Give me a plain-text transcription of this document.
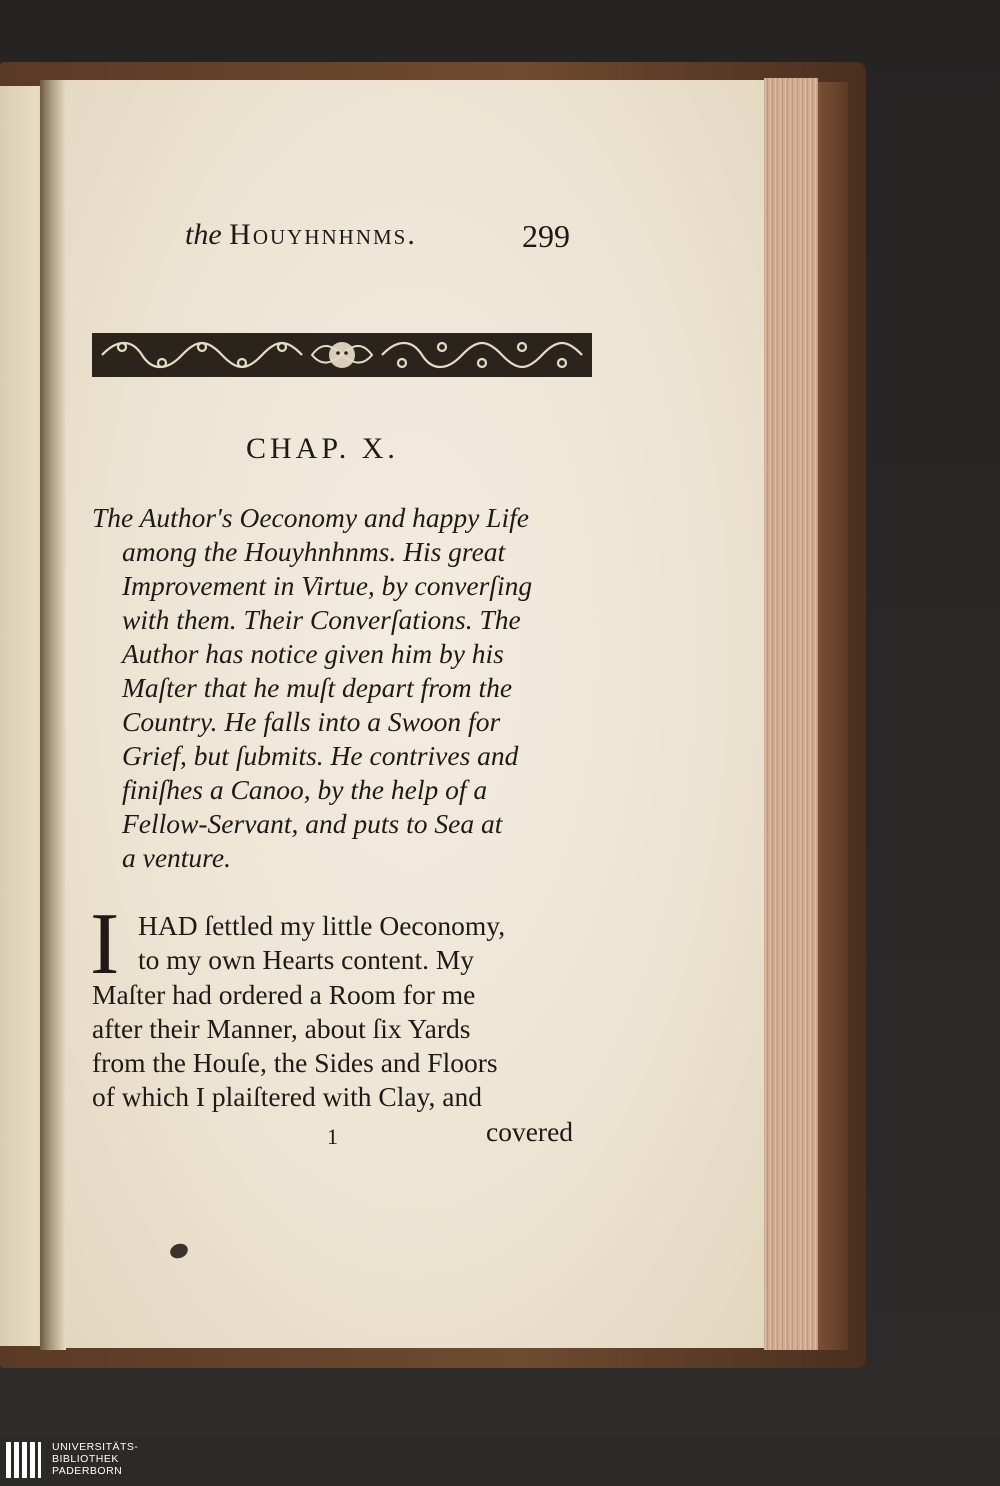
the Houyhnhnms.	299
CHAP. X.
The Author's Oeconomy and happy Life
among the Houyhnhnms. His great
Improvement in Virtue, by converſing
with them. Their Converſations. The
Author has notice given him by his
Maſter that he muſt depart from the
Country. He falls into a Swoon for
Grief, but ſubmits. He contrives and
finiſhes a Canoo, by the help of a
Fellow-Servant, and puts to Sea at
a venture.
I HAD ſettled my little Oeconomy,
to my own Hearts content. My
Maſter had ordered a Room for me
after their Manner, about ſix Yards
from the Houſe, the Sides and Floors
of which I plaiſtered with Clay, and
1	covered
UNIVERSITÄTS-
BIBLIOTHEK
PADERBORN
